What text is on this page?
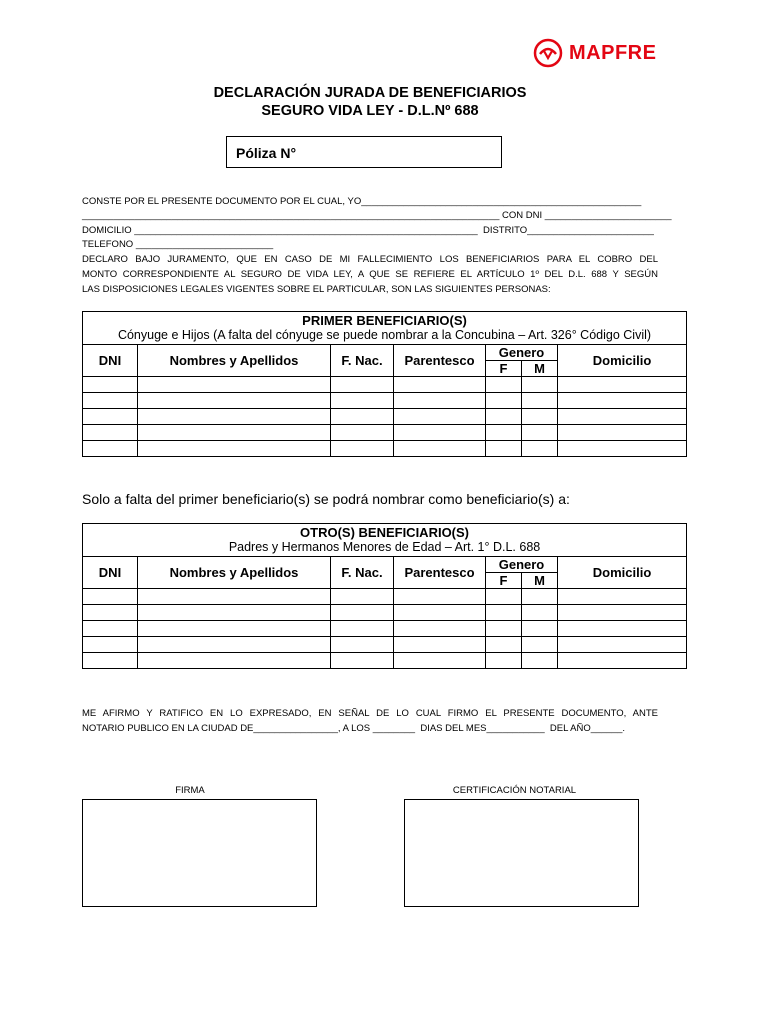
MAPFRE
DECLARACIÓN JURADA DE BENEFICIARIOS
SEGURO VIDA LEY - D.L.Nº 688
Póliza N°
CONSTE POR EL PRESENTE DOCUMENTO POR EL CUAL, YO_____________________________________________________
_______________________________________________________________________________ CON DNI ________________________
DOMICILIO _________________________________________________________________  DISTRITO________________________
TELEFONO __________________________
DECLARO BAJO JURAMENTO, QUE EN CASO DE MI FALLECIMIENTO LOS BENEFICIARIOS PARA EL COBRO DEL
MONTO CORRESPONDIENTE AL SEGURO DE VIDA LEY, A QUE SE REFIERE EL ARTÍCULO 1º DEL D.L. 688 Y SEGÚN
LAS DISPOSICIONES LEGALES VIGENTES SOBRE EL PARTICULAR, SON LAS SIGUIENTES PERSONAS:
PRIMER BENEFICIARIO(S)
Cónyuge e Hijos (A falta del cónyuge se puede nombrar a la Concubina – Art. 326° Código Civil)						

DNI	Nombres y Apellidos	F. Nac.	Parentesco	Genero		Domicilio
				F	M	

Solo a falta del primer beneficiario(s) se podrá nombrar como beneficiario(s) a:
OTRO(S) BENEFICIARIO(S)
Padres y Hermanos Menores de Edad – Art. 1° D.L. 688						

DNI	Nombres y Apellidos	F. Nac.	Parentesco	Genero		Domicilio
				F	M	

ME AFIRMO Y RATIFICO EN LO EXPRESADO, EN SEÑAL DE LO CUAL FIRMO EL PRESENTE DOCUMENTO, ANTE
NOTARIO PUBLICO EN LA CIUDAD DE________________, A LOS ________  DIAS DEL MES___________  DEL AÑO______.
FIRMA	CERTIFICACIÓN NOTARIAL
